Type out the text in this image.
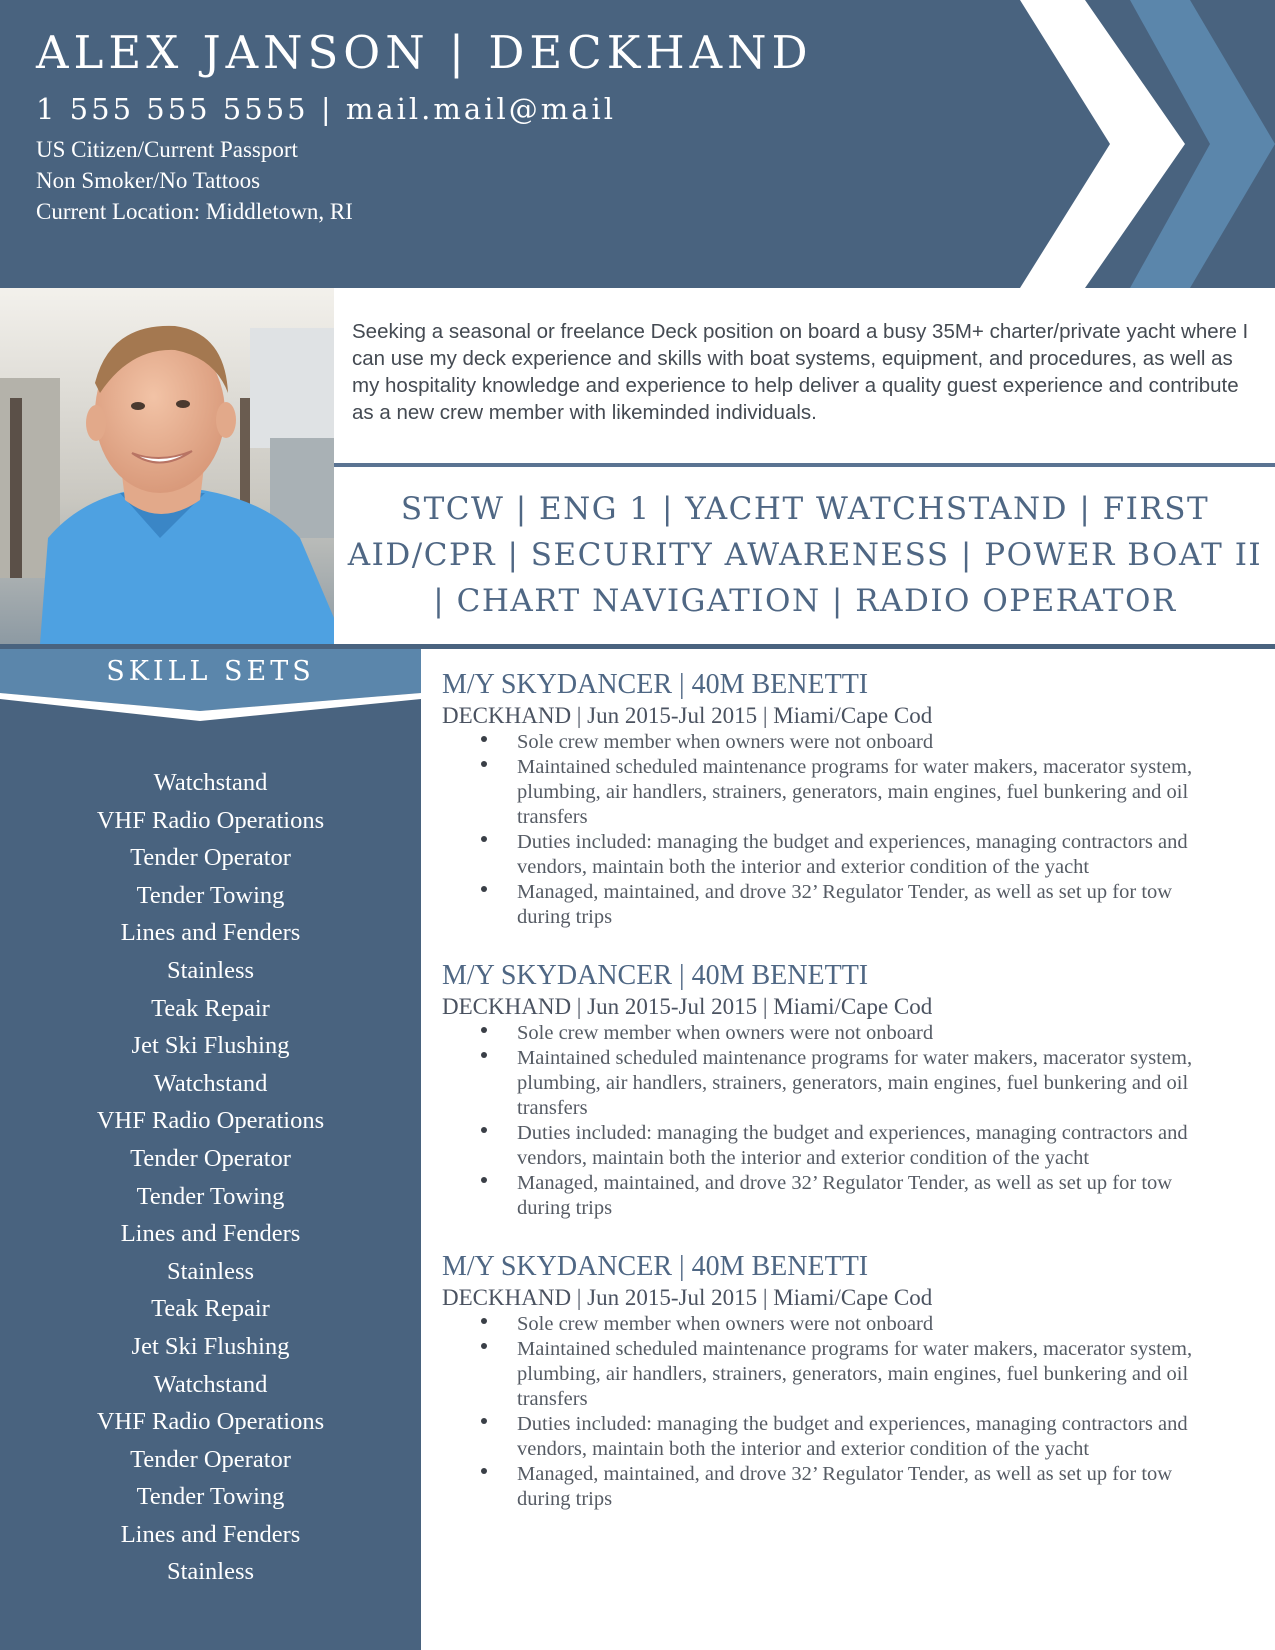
ALEX JANSON | DECKHAND
1 555 555 5555 | mail.mail@mail
US Citizen/Current Passport
Non Smoker/No Tattoos
Current Location: Middletown, RI

Seeking a seasonal or freelance Deck position on board a busy 35M+ charter/private yacht where I can use my deck experience and skills with boat systems, equipment, and procedures, as well as my hospitality knowledge and experience to help deliver a quality guest experience and contribute as a new crew member with likeminded individuals.

STCW | ENG 1 | YACHT WATCHSTAND | FIRST AID/CPR | SECURITY AWARENESS | POWER BOAT II | CHART NAVIGATION | RADIO OPERATOR
SKILL SETS
Watchstand
VHF Radio Operations
Tender Operator
Tender Towing
Lines and Fenders
Stainless
Teak Repair
Jet Ski Flushing
Watchstand
VHF Radio Operations
Tender Operator
Tender Towing
Lines and Fenders
Stainless
Teak Repair
Jet Ski Flushing
Watchstand
VHF Radio Operations
Tender Operator
Tender Towing
Lines and Fenders
Stainless
M/Y SKYDANCER | 40M BENETTI
DECKHAND | Jun 2015-Jul 2015 | Miami/Cape Cod
Sole crew member when owners were not onboard
Maintained scheduled maintenance programs for water makers, macerator system, plumbing, air handlers, strainers, generators, main engines, fuel bunkering and oil transfers
Duties included: managing the budget and experiences, managing contractors and vendors, maintain both the interior and exterior condition of the yacht
Managed, maintained, and drove 32’ Regulator Tender, as well as set up for tow during trips
M/Y SKYDANCER | 40M BENETTI
DECKHAND | Jun 2015-Jul 2015 | Miami/Cape Cod
Sole crew member when owners were not onboard
Maintained scheduled maintenance programs for water makers, macerator system, plumbing, air handlers, strainers, generators, main engines, fuel bunkering and oil transfers
Duties included: managing the budget and experiences, managing contractors and vendors, maintain both the interior and exterior condition of the yacht
Managed, maintained, and drove 32’ Regulator Tender, as well as set up for tow during trips
M/Y SKYDANCER | 40M BENETTI
DECKHAND | Jun 2015-Jul 2015 | Miami/Cape Cod
Sole crew member when owners were not onboard
Maintained scheduled maintenance programs for water makers, macerator system, plumbing, air handlers, strainers, generators, main engines, fuel bunkering and oil transfers
Duties included: managing the budget and experiences, managing contractors and vendors, maintain both the interior and exterior condition of the yacht
Managed, maintained, and drove 32’ Regulator Tender, as well as set up for tow during trips
